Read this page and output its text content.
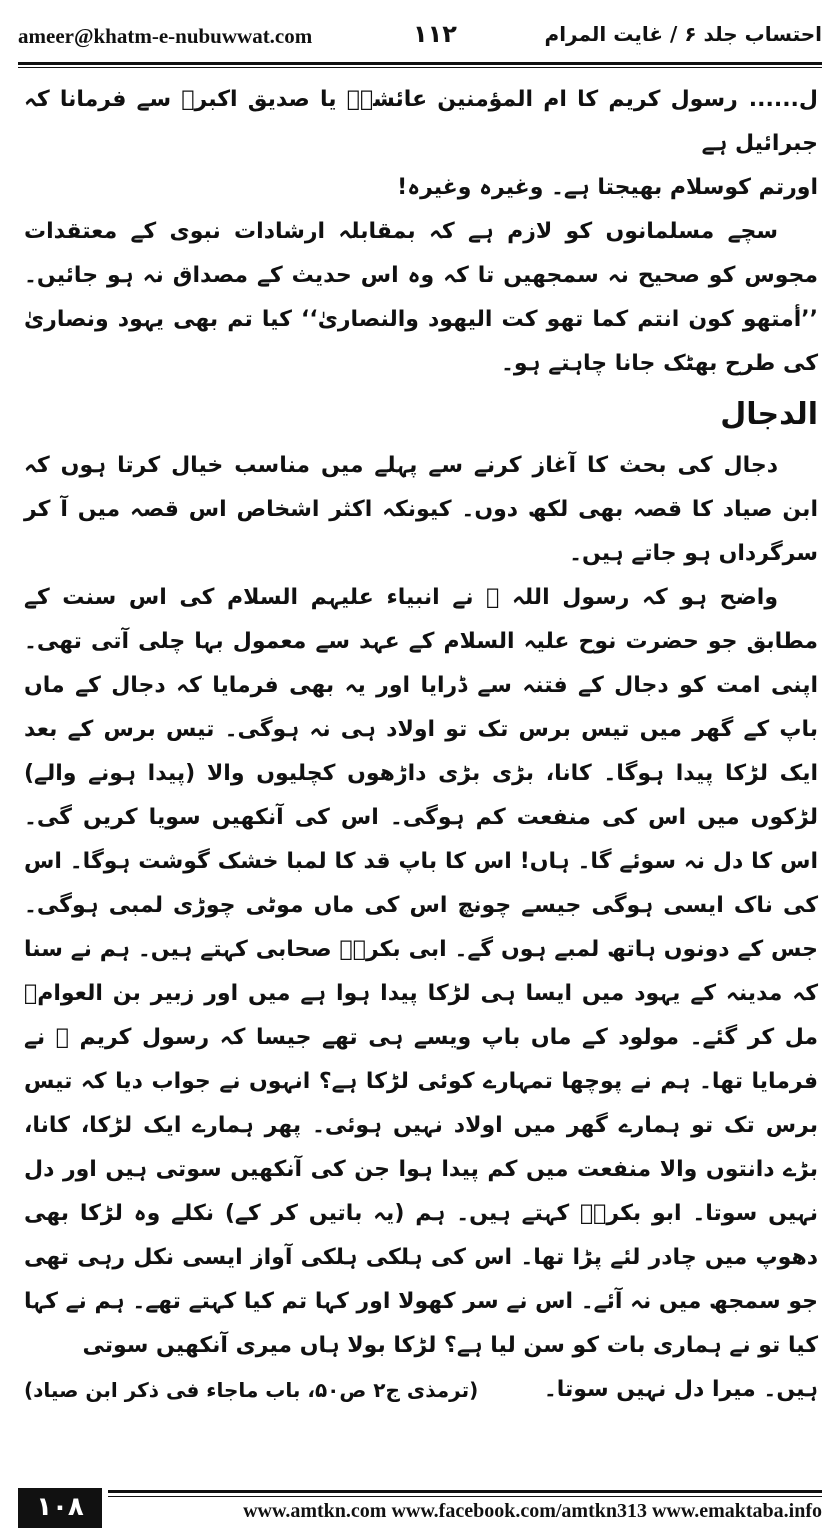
ameer@khatm-e-nubuwwat.com	۱۱۲	احتساب جلد ۶ / غایت المرام

ل...... رسول کریم کا ام المؤمنین عائشہؓ یا صدیق اکبرؓ سے فرمانا کہ جبرائیل ہے

اورتم کوسلام بھیجتا ہے۔ وغیرہ وغیرہ!

سچے مسلمانوں کو لازم ہے کہ بمقابلہ ارشادات نبوی کے معتقدات مجوس کو صحیح نہ سمجھیں تا کہ وہ اس حدیث کے مصداق نہ ہو جائیں۔ ’’أمتھو کون انتم کما تھو کت الیھود والنصاریٰ‘‘ کیا تم بھی یہود ونصاریٰ کی طرح بھٹک جانا چاہتے ہو۔

الدجال

دجال کی بحث کا آغاز کرنے سے پہلے میں مناسب خیال کرتا ہوں کہ ابن صیاد کا قصہ بھی لکھ دوں۔ کیونکہ اکثر اشخاص اس قصہ میں آ کر سرگرداں ہو جاتے ہیں۔

واضح ہو کہ رسول اللہ ﷺ نے انبیاء علیہم السلام کی اس سنت کے مطابق جو حضرت نوح علیہ السلام کے عہد سے معمول بہا چلی آتی تھی۔ اپنی امت کو دجال کے فتنہ سے ڈرایا اور یہ بھی فرمایا کہ دجال کے ماں باپ کے گھر میں تیس برس تک تو اولاد ہی نہ ہوگی۔ تیس برس کے بعد ایک لڑکا پیدا ہوگا۔ کانا، بڑی بڑی داڑھوں کچلیوں والا (پیدا ہونے والے) لڑکوں میں اس کی منفعت کم ہوگی۔ اس کی آنکھیں سویا کریں گی۔ اس کا دل نہ سوئے گا۔ ہاں! اس کا باپ قد کا لمبا خشک گوشت ہوگا۔ اس کی ناک ایسی ہوگی جیسے چونچ اس کی ماں موٹی چوڑی لمبی ہوگی۔ جس کے دونوں ہاتھ لمبے ہوں گے۔ ابی بکرہؓ صحابی کہتے ہیں۔ ہم نے سنا کہ مدینہ کے یہود میں ایسا ہی لڑکا پیدا ہوا ہے میں اور زبیر بن العوامؓ مل کر گئے۔ مولود کے ماں باپ ویسے ہی تھے جیسا کہ رسول کریم ﷺ نے فرمایا تھا۔ ہم نے پوچھا تمہارے کوئی لڑکا ہے؟ انہوں نے جواب دیا کہ تیس برس تک تو ہمارے گھر میں اولاد نہیں ہوئی۔ پھر ہمارے ایک لڑکا، کانا، بڑے دانتوں والا منفعت میں کم پیدا ہوا جن کی آنکھیں سوتی ہیں اور دل نہیں سوتا۔ ابو بکرہؓ کہتے ہیں۔ ہم (یہ باتیں کر کے) نکلے وہ لڑکا بھی دھوپ میں چادر لئے پڑا تھا۔ اس کی ہلکی ہلکی آواز ایسی نکل رہی تھی جو سمجھ میں نہ آئے۔ اس نے سر کھولا اور کہا تم کیا کہتے تھے۔ ہم نے کہا کیا تو نے ہماری بات کو سن لیا ہے؟ لڑکا بولا ہاں میری آنکھیں سوتی

ہیں۔ میرا دل نہیں سوتا۔
(ترمذی ج۲ ص۵۰، باب ماجاء فی ذکر ابن صیاد)
۱۰۸	www.amtkn.com www.facebook.com/amtkn313 www.emaktaba.info
